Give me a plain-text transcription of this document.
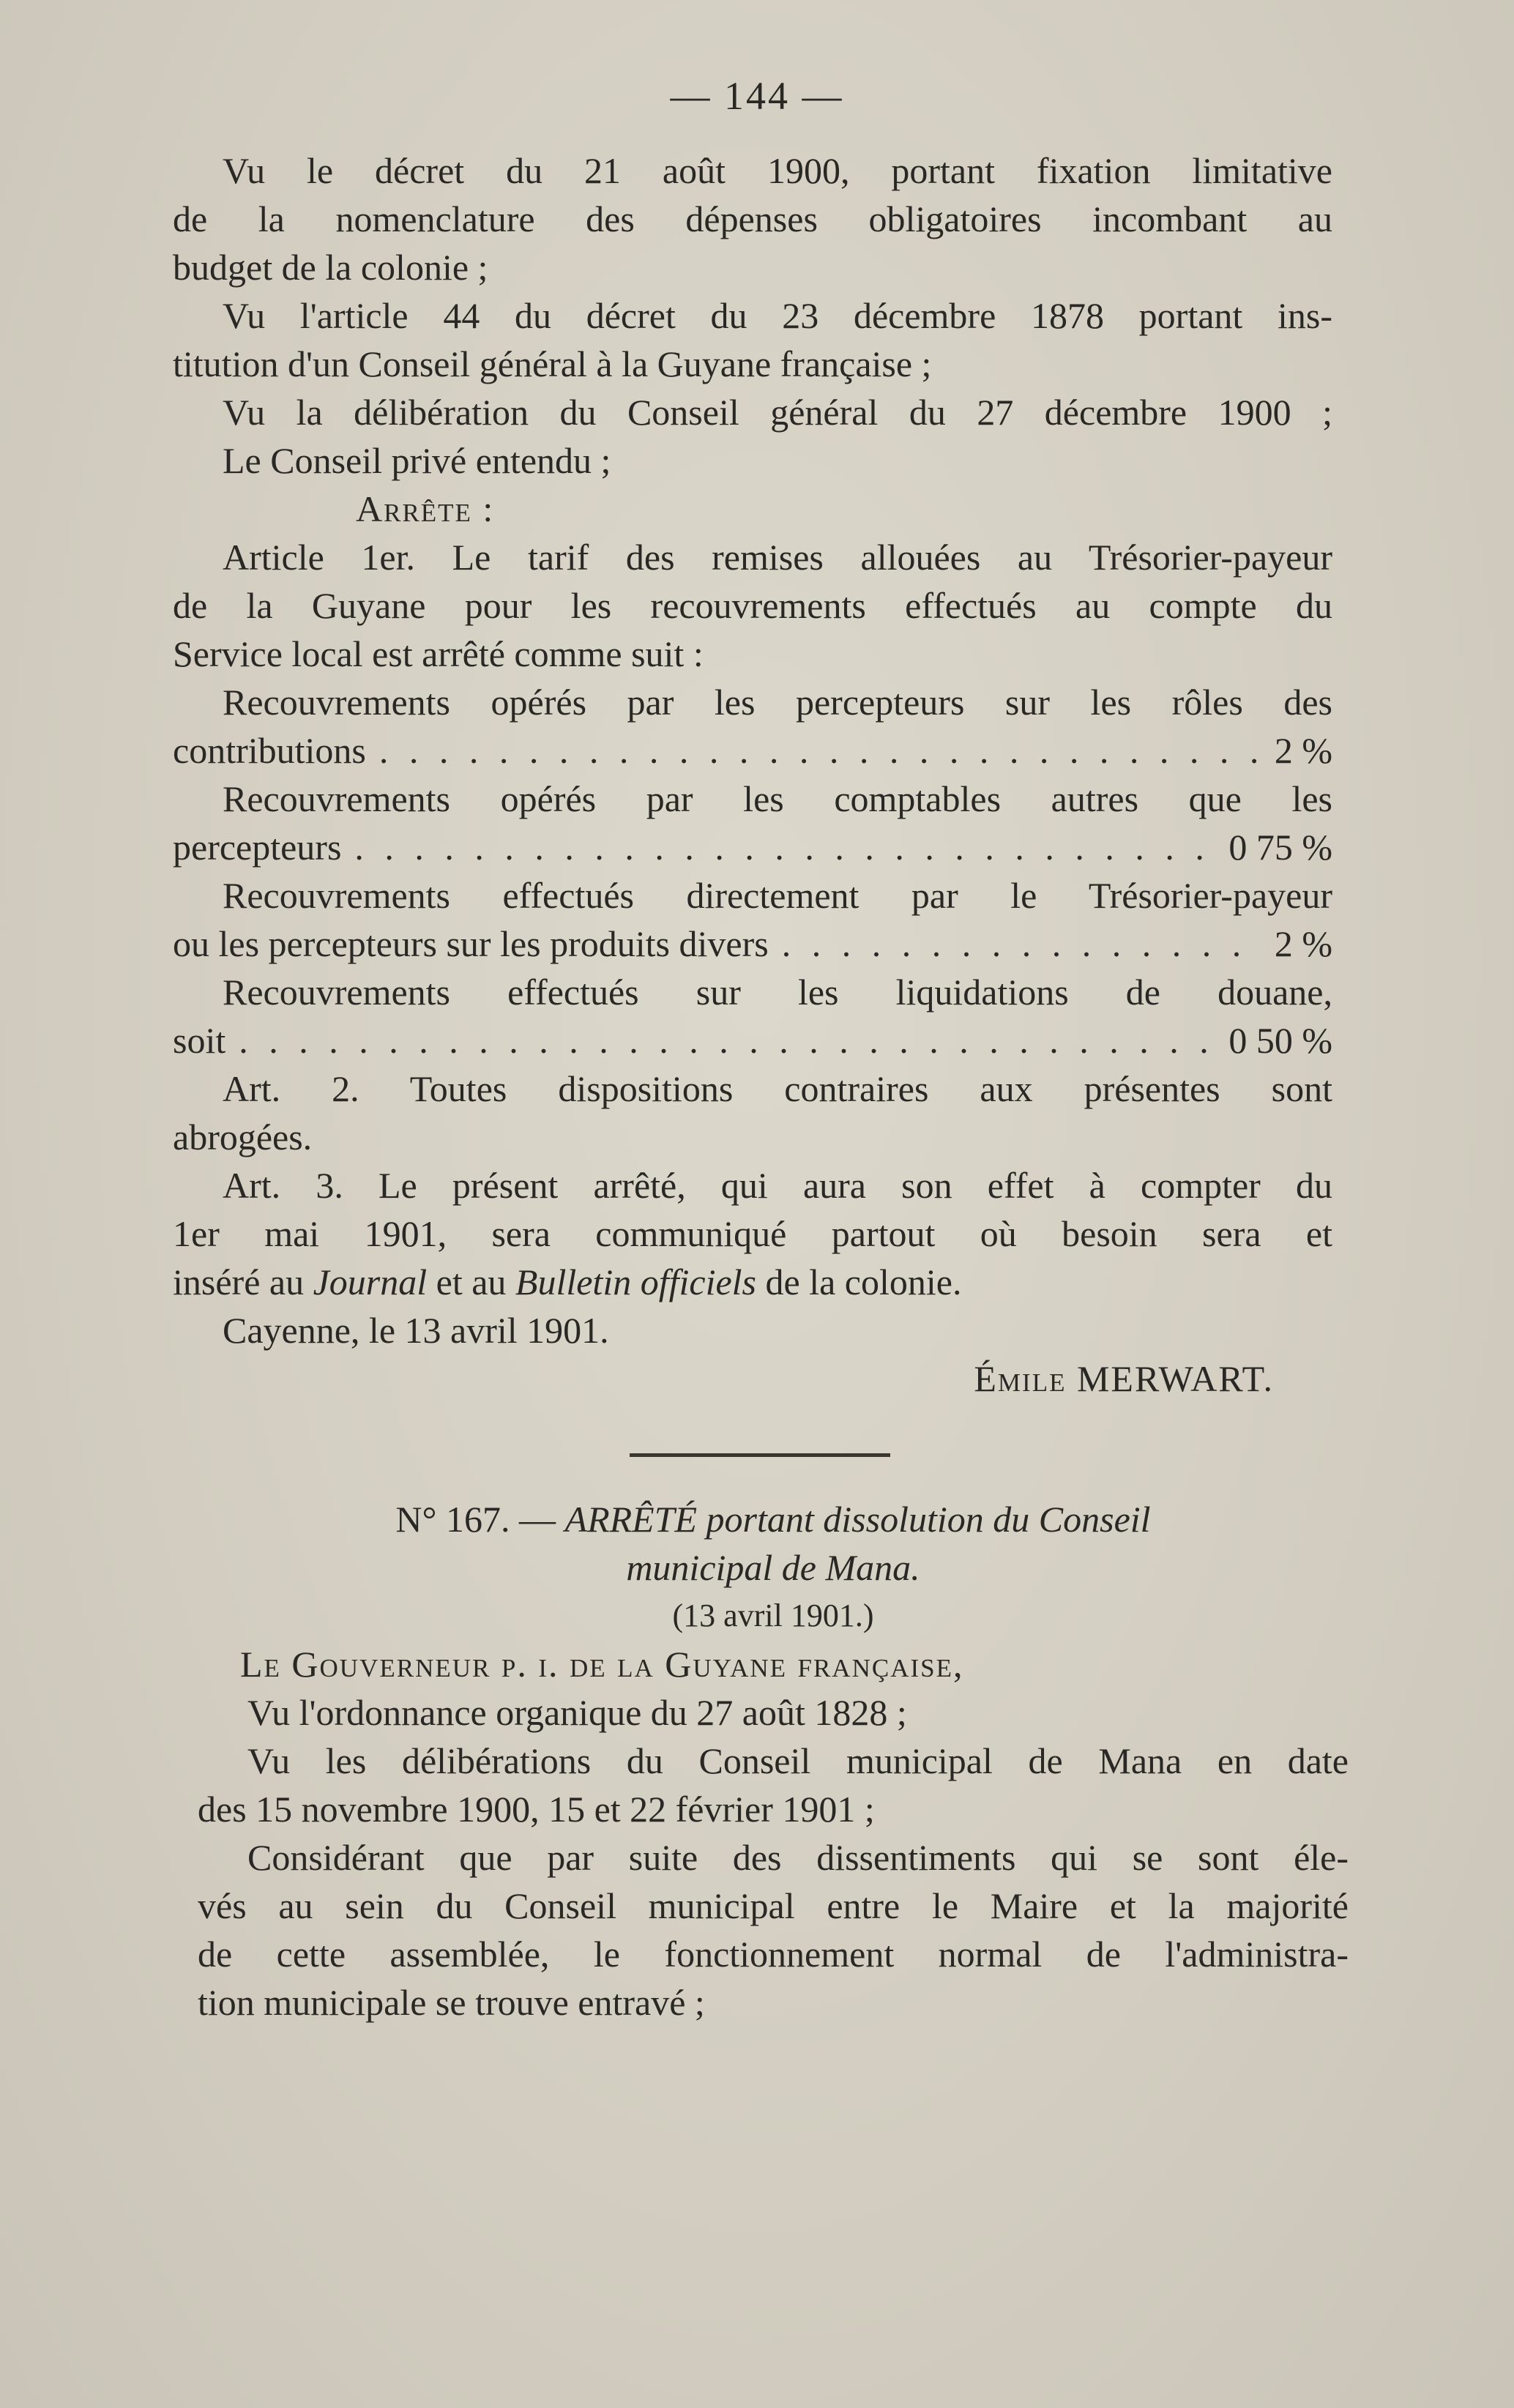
— 144 —
Vu le décret du 21 août 1900, portant fixation limitative
de la nomenclature des dépenses obligatoires incombant au
budget de la colonie ;
Vu l'article 44 du décret du 23 décembre 1878 portant ins-
titution d'un Conseil général à la Guyane française ;
Vu la délibération du Conseil général du 27 décembre 1900 ;
Le Conseil privé entendu ;
Arrête :
Article 1er. Le tarif des remises allouées au Trésorier-payeur
de la Guyane pour les recouvrements effectués au compte du
Service local est arrêté comme suit :
Recouvrements opérés par les percepteurs sur les rôles des
contributions . . .	2 %
Recouvrements opérés par les comptables autres que les
percepteurs . . .	0 75 %
Recouvrements effectués directement par le Trésorier-payeur
ou les percepteurs sur les produits divers . . .	2 %
Recouvrements effectués sur les liquidations de douane,
soit . . .	0 50 %
Art. 2. Toutes dispositions contraires aux présentes sont
abrogées.
Art. 3. Le présent arrêté, qui aura son effet à compter du
1er mai 1901, sera communiqué partout où besoin sera et
inséré au Journal et au Bulletin officiels de la colonie.
Cayenne, le 13 avril 1901.
Émile MERWART.
N° 167. — ARRÊTÉ portant dissolution du Conseil
municipal de Mana.
(13 avril 1901.)
Le Gouverneur p. i. de la Guyane française,
Vu l'ordonnance organique du 27 août 1828 ;
Vu les délibérations du Conseil municipal de Mana en date
des 15 novembre 1900, 15 et 22 février 1901 ;
Considérant que par suite des dissentiments qui se sont éle-
vés au sein du Conseil municipal entre le Maire et la majorité
de cette assemblée, le fonctionnement normal de l'administra-
tion municipale se trouve entravé ;
